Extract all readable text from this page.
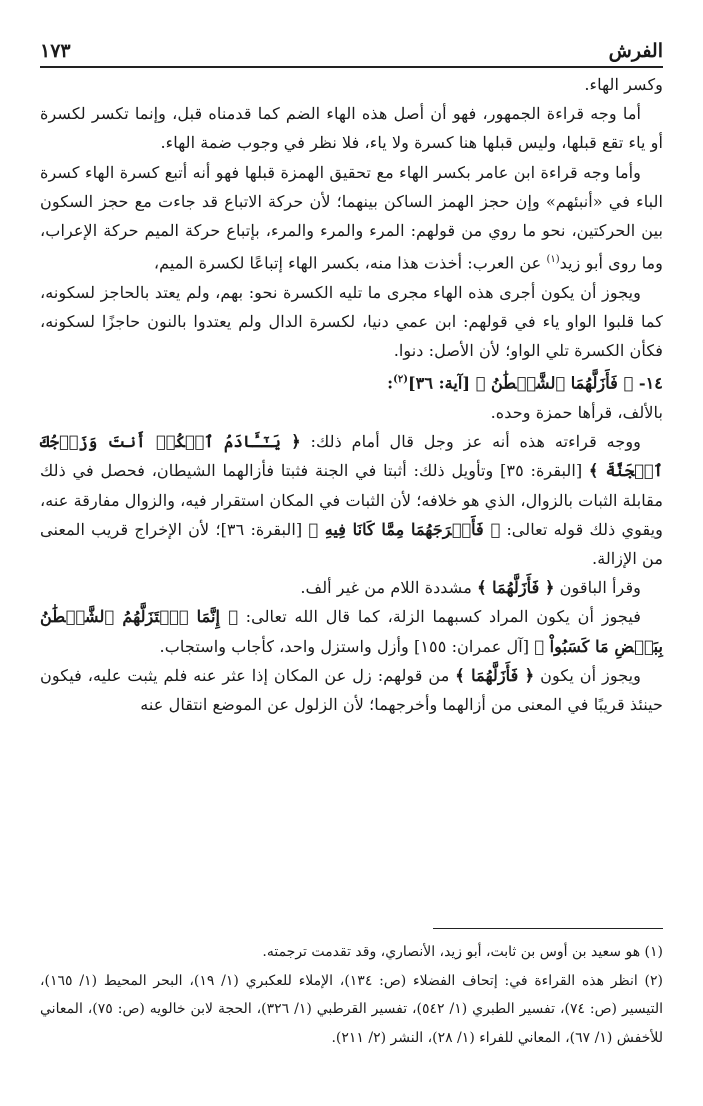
الفرش
١٧٣

وكسر الهاء.

أما وجه قراءة الجمهور، فهو أن أصل هذه الهاء الضم كما قدمناه قبل، وإنما تكسر لكسرة أو ياء تقع قبلها، وليس قبلها هنا كسرة ولا ياء، فلا نظر في وجوب ضمة الهاء.

وأما وجه قراءة ابن عامر بكسر الهاء مع تحقيق الهمزة قبلها فهو أنه أتبع كسرة الهاء كسرة الباء في «أنبئهم» وإن حجز الهمز الساكن بينهما؛ لأن حركة الاتباع قد جاءت مع حجز السكون بين الحركتين، نحو ما روي من قولهم: المرء والمرء والمرء، بإتباع حركة الميم حركة الإعراب، وما روى أبو زيد$^{(١)}$ عن العرب: أخذت هذا منه، بكسر الهاء إتباعًا لكسرة الميم،

ويجوز أن يكون أجرى هذه الهاء مجرى ما تليه الكسرة نحو: بهم، ولم يعتد بالحاجز لسكونه، كما قلبوا الواو ياء في قولهم: ابن عمي دنيا، لكسرة الدال ولم يعتدوا بالنون حاجزًا لسكونه، فكأن الكسرة تلي الواو؛ لأن الأصل: دنوا.

١٤- ﴿ فَأَزَلَّهُمَا ٱلشَّيۡطَٰنُ ﴾ [آية: ٣٦]$^{(٢)}$:

بالألف، قرأها حمزة وحده.

ووجه قراءته هذه أنه عز وجل قال أمام ذلك: ﴿ يَـٰٓـَٔادَمُ ٱسۡكُنۡ أَنتَ وَزَوۡجُكَ ٱلۡجَنَّةَ ﴾ [البقرة: ٣٥] وتأويل ذلك: أثبتا في الجنة فثبتا فأزالهما الشيطان، فحصل في ذلك مقابلة الثبات بالزوال، الذي هو خلافه؛ لأن الثبات في المكان استقرار فيه، والزوال مفارقة عنه، ويقوي ذلك قوله تعالى: ﴿ فَأَخۡرَجَهُمَا مِمَّا كَانَا فِيهِ ﴾ [البقرة: ٣٦]؛ لأن الإخراج قريب المعنى من الإزالة.

وقرأ الباقون ﴿ فَأَزَلَّهُمَا ﴾ مشددة اللام من غير ألف.

فيجوز أن يكون المراد كسبهما الزلة، كما قال الله تعالى: ﴿ إِنَّمَا ٱسۡتَزَلَّهُمُ ٱلشَّيۡطَٰنُ بِبَعۡضِ مَا كَسَبُواْ ﴾ [آل عمران: ١٥٥] وأزل واستزل واحد، كأجاب واستجاب.

ويجوز أن يكون ﴿ فَأَزَلَّهُمَا ﴾ من قولهم: زل عن المكان إذا عثر عنه فلم يثبت عليه، فيكون حينئذ قريبًا في المعنى من أزالهما وأخرجهما؛ لأن الزلول عن الموضع انتقال عنه

(١) هو سعيد بن أوس بن ثابت، أبو زيد، الأنصاري، وقد تقدمت ترجمته.

(٢) انظر هذه القراءة في: إتحاف الفضلاء (ص: ١٣٤)، الإملاء للعكبري (١/ ١٩)، البحر المحيط (١/ ١٦٥)، التيسير (ص: ٧٤)، تفسير الطبري (١/ ٥٤٢)، تفسير القرطبي (١/ ٣٢٦)، الحجة لابن خالويه (ص: ٧٥)، المعاني للأخفش (١/ ٦٧)، المعاني للفراء (١/ ٢٨)، النشر (٢/ ٢١١).
